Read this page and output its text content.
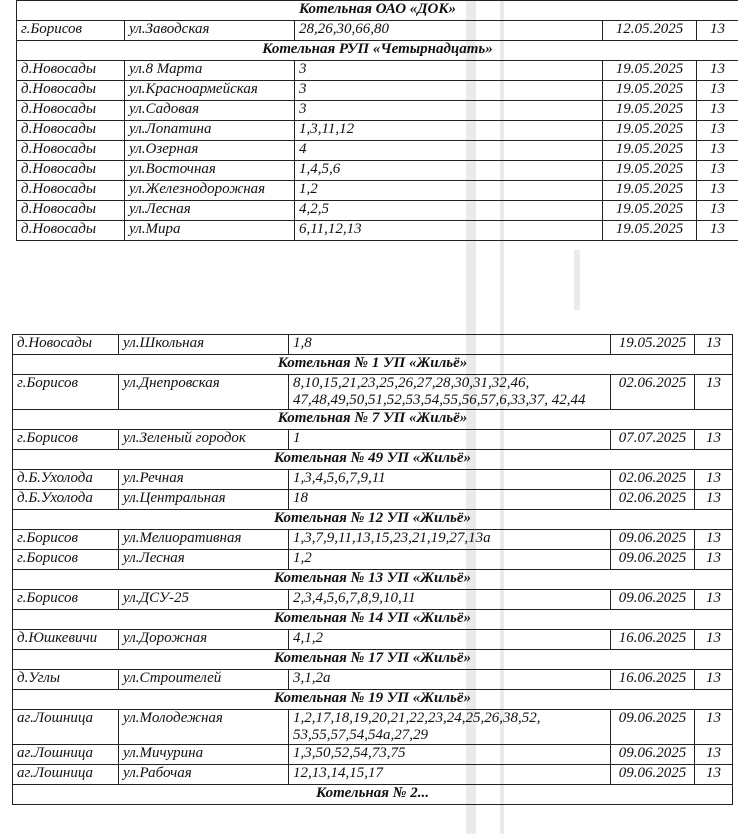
Котельная ОАО «ДОК»				
г.Борисов	ул.Заводская	28,26,30,66,80	12.05.2025	13
Котельная РУП «Четырнадцать»				
д.Новосады	ул.8 Марта	3	19.05.2025	13
д.Новосады	ул.Красноармейская	3	19.05.2025	13
д.Новосады	ул.Садовая	3	19.05.2025	13
д.Новосады	ул.Лопатина	1,3,11,12	19.05.2025	13
д.Новосады	ул.Озерная	4	19.05.2025	13
д.Новосады	ул.Восточная	1,4,5,6	19.05.2025	13
д.Новосады	ул.Железнодорожная	1,2	19.05.2025	13
д.Новосады	ул.Лесная	4,2,5	19.05.2025	13
д.Новосады	ул.Мира	6,11,12,13	19.05.2025	13
д.Новосады	ул.Школьная	1,8	19.05.2025	13
Котельная № 1 УП «Жильё»				
г.Борисов	ул.Днепровская	8,10,15,21,23,25,26,27,28,30,31,32,46, 47,48,49,50,51,52,53,54,55,56,57,6,33,37, 42,44	02.06.2025	13
Котельная № 7 УП «Жильё»				
г.Борисов	ул.Зеленый городок	1	07.07.2025	13
Котельная № 49 УП «Жильё»				
д.Б.Ухолода	ул.Речная	1,3,4,5,6,7,9,11	02.06.2025	13
д.Б.Ухолода	ул.Центральная	18	02.06.2025	13
Котельная № 12 УП «Жильё»				
г.Борисов	ул.Мелиоративная	1,3,7,9,11,13,15,23,21,19,27,13а	09.06.2025	13
г.Борисов	ул.Лесная	1,2	09.06.2025	13
Котельная № 13 УП «Жильё»				
г.Борисов	ул.ДСУ-25	2,3,4,5,6,7,8,9,10,11	09.06.2025	13
Котельная № 14 УП «Жильё»				
д.Юшкевичи	ул.Дорожная	4,1,2	16.06.2025	13
Котельная № 17 УП «Жильё»				
д.Углы	ул.Строителей	3,1,2а	16.06.2025	13
Котельная № 19 УП «Жильё»				
аг.Лошница	ул.Молодежная	1,2,17,18,19,20,21,22,23,24,25,26,38,52, 53,55,57,54,54а,27,29	09.06.2025	13
аг.Лошница	ул.Мичурина	1,3,50,52,54,73,75	09.06.2025	13
аг.Лошница	ул.Рабочая	12,13,14,15,17	09.06.2025	13
Котельная № 2...				
